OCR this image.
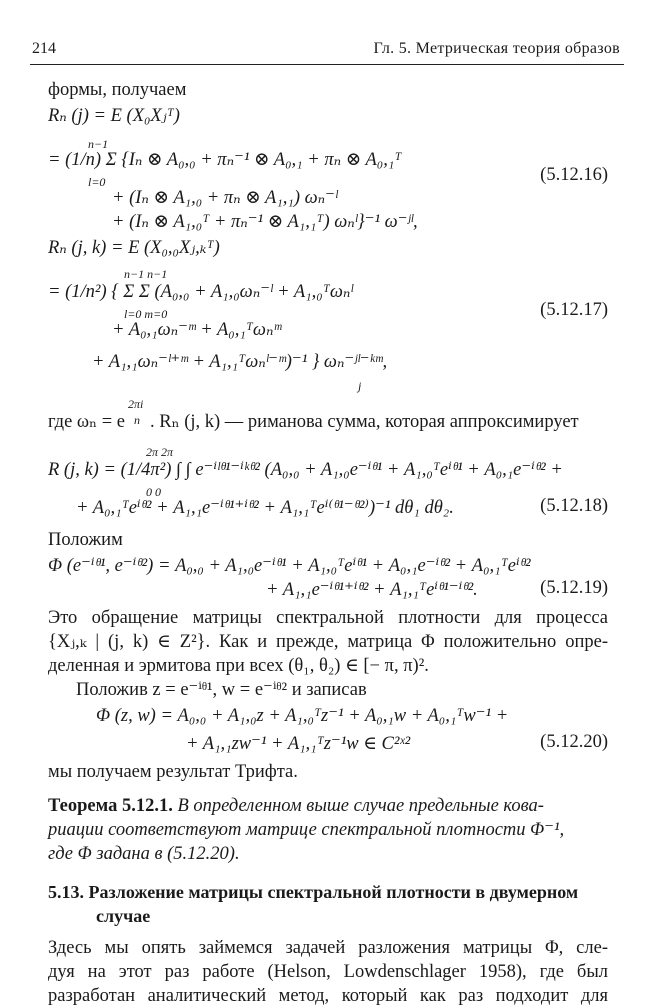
214	Гл. 5. Метрическая теория образов
формы, получаем
Rₙ (j) = E (X₀Xⱼᵀ)
n−1
= (1/n) Σ {Iₙ ⊗ A₀,₀ + πₙ⁻¹ ⊗ A₀,₁ + πₙ ⊗ A₀,₁ᵀ
l=0
+ (Iₙ ⊗ A₁,₀ + πₙ ⊗ A₁,₁) ωₙ⁻ˡ
(5.12.16)
+ (Iₙ ⊗ A₁,₀ᵀ + πₙ⁻¹ ⊗ A₁,₁ᵀ) ωₙˡ}⁻¹ ω⁻ʲˡ,
Rₙ (j, k) = E (X₀,₀Xⱼ,ₖᵀ)
n−1 n−1
= (1/n²) { Σ Σ (A₀,₀ + A₁,₀ωₙ⁻ˡ + A₁,₀ᵀωₙˡ
l=0 m=0
+ A₀,₁ωₙ⁻ᵐ + A₀,₁ᵀωₙᵐ
(5.12.17)
+ A₁,₁ωₙ⁻ˡ⁺ᵐ + A₁,₁ᵀωₙˡ⁻ᵐ)⁻¹ } ωₙ⁻ʲˡ⁻ᵏᵐ,
j
2πi
n
где ωₙ = e . Rₙ (j, k) — риманова сумма, которая аппроксимирует
2π 2π
R (j, k) = (1/4π²) ∫ ∫ e⁻ⁱˡᶿ¹⁻ⁱᵏᶿ² (A₀,₀ + A₁,₀e⁻ⁱᶿ¹ + A₁,₀ᵀeⁱᶿ¹ + A₀,₁e⁻ⁱᶿ² +
0 0
+ A₀,₁ᵀeⁱᶿ² + A₁,₁e⁻ⁱᶿ¹⁺ⁱᶿ² + A₁,₁ᵀeⁱ⁽ᶿ¹⁻ᶿ²⁾)⁻¹ dθ₁ dθ₂.	(5.12.18)
Положим
Φ (e⁻ⁱᶿ¹, e⁻ⁱᶿ²) = A₀,₀ + A₁,₀e⁻ⁱᶿ¹ + A₁,₀ᵀeⁱᶿ¹ + A₀,₁e⁻ⁱᶿ² + A₀,₁ᵀeⁱᶿ²
+ A₁,₁e⁻ⁱᶿ¹⁺ⁱᶿ² + A₁,₁ᵀeⁱᶿ¹⁻ⁱᶿ².	(5.12.19)
Это обращение матрицы спектральной плотности для процесса
{Xⱼ,ₖ | (j, k) ∈ Z²}. Как и прежде, матрица Φ положительно опре-
деленная и эрмитова при всех (θ₁, θ₂) ∈ [− π, π)².
Положив z = e⁻ⁱᶿ¹, w = e⁻ⁱᶿ² и записав
Φ (z, w) = A₀,₀ + A₁,₀z + A₁,₀ᵀz⁻¹ + A₀,₁w + A₀,₁ᵀw⁻¹ +
+ A₁,₁zw⁻¹ + A₁,₁ᵀz⁻¹w ∈ C²ˣ²	(5.12.20)
мы получаем результат Трифта.
Теорема 5.12.1. В определенном выше случае предельные кова-
риации соответствуют матрице спектральной плотности Φ⁻¹,
где Φ задана в (5.12.20).
5.13. Разложение матрицы спектральной плотности в двумерном
случае
Здесь мы опять займемся задачей разложения матрицы Φ, сле-
дуя на этот раз работе (Helson, Lowdenschlager 1958), где был
разработан аналитический метод, который как раз подходит для
